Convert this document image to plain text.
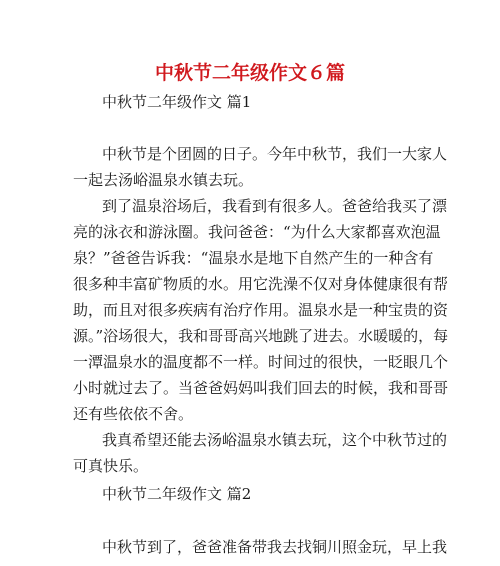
中秋节二年级作文６篇
中秋节二年级作文 篇1
中秋节是个团圆的日子。今年中秋节，我们一大家人
一起去汤峪温泉水镇去玩。
到了温泉浴场后，我看到有很多人。爸爸给我买了漂
亮的泳衣和游泳圈。我问爸爸：“为什么大家都喜欢泡温
泉？”爸爸告诉我：“温泉水是地下自然产生的一种含有
很多种丰富矿物质的水。用它洗澡不仅对身体健康很有帮
助，而且对很多疾病有治疗作用。温泉水是一种宝贵的资
源。”浴场很大，我和哥哥高兴地跳了进去。水暖暖的，每
一潭温泉水的温度都不一样。时间过的很快，一眨眼几个
小时就过去了。当爸爸妈妈叫我们回去的时候，我和哥哥
还有些依依不舍。
我真希望还能去汤峪温泉水镇去玩，这个中秋节过的
可真快乐。
中秋节二年级作文 篇2
中秋节到了，爸爸准备带我去找铜川照金玩，早上我
